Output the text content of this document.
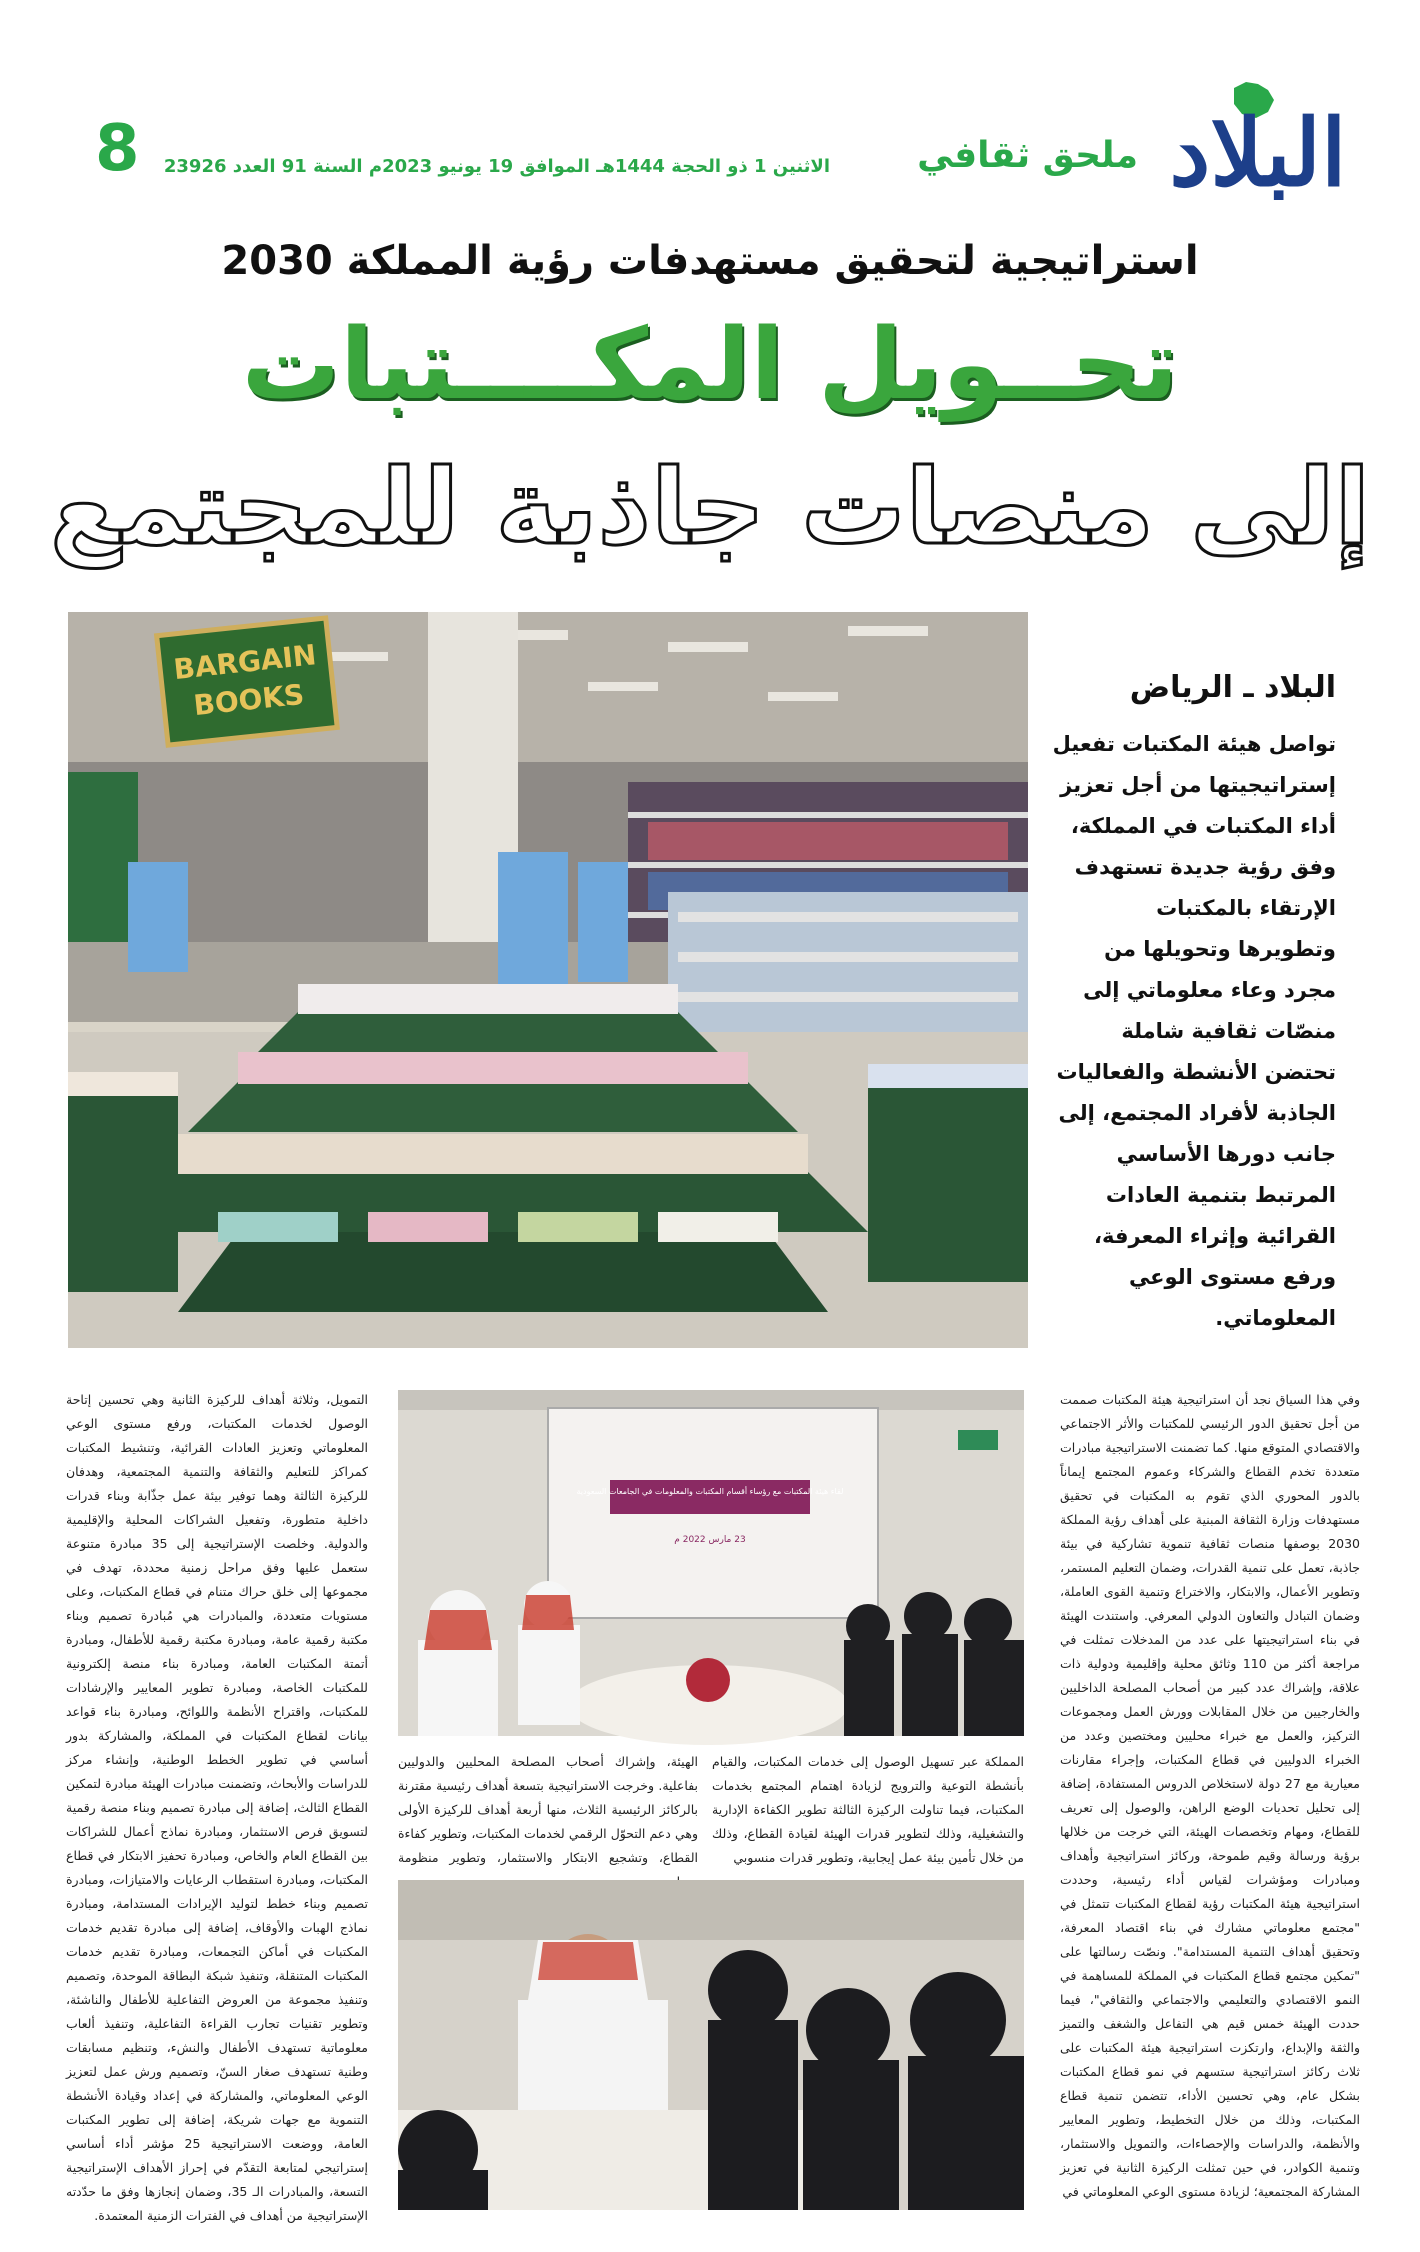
البلاد
ملحق ثقافي
الاثنين 1 ذو الحجة 1444هـ الموافق 19 يونيو 2023م السنة 91 العدد 23926
8
استراتيجية لتحقيق مستهدفات رؤية المملكة 2030
تحــويل المكــــتبات
إلى منصات جاذبة للمجتمع
BARGAIN
BOOKS	البلاد ـ الرياض
تواصل هيئة المكتبات تفعيل إستراتيجيتها من أجل تعزيز أداء المكتبات في المملكة، وفق رؤية جديدة تستهدف الإرتقاء بالمكتبات وتطويرها وتحويلها من مجرد وعاء معلوماتي إلى منصّات ثقافية شاملة تحتضن الأنشطة والفعاليات الجاذبة لأفراد المجتمع، إلى جانب دورها الأساسي المرتبط بتنمية العادات القرائية وإثراء المعرفة، ورفع مستوى الوعي المعلوماتي.

وفي هذا السياق نجد أن استراتيجية هيئة المكتبات صممت من أجل تحقيق الدور الرئيسي للمكتبات والأثر الاجتماعي والاقتصادي المتوقع منها. كما تضمنت الاستراتيجية مبادرات متعددة تخدم القطاع والشركاء وعموم المجتمع إيماناً بالدور المحوري الذي تقوم به المكتبات في تحقيق مستهدفات وزارة الثقافة المبنية على أهداف رؤية المملكة 2030 بوصفها منصات ثقافية تنموية تشاركية في بيئة جاذبة، تعمل على تنمية القدرات، وضمان التعليم المستمر، وتطوير الأعمال، والابتكار، والاختراع وتنمية القوى العاملة، وضمان التبادل والتعاون الدولي المعرفي. واستندت الهيئة في بناء استراتيجيتها على عدد من المدخلات تمثلت في مراجعة أكثر من 110 وثائق محلية وإقليمية ودولية ذات علاقة، وإشراك عدد كبير من أصحاب المصلحة الداخليين والخارجيين من خلال المقابلات وورش العمل ومجموعات التركيز، والعمل مع خبراء محليين ومختصين وعدد من الخبراء الدوليين في قطاع المكتبات، وإجراء مقارنات معيارية مع 27 دولة لاستخلاص الدروس المستفادة، إضافة إلى تحليل تحديات الوضع الراهن، والوصول إلى تعريف للقطاع، ومهام وتخصصات الهيئة، التي خرجت من خلالها برؤية ورسالة وقيم طموحة، وركائز استراتيجية وأهداف ومبادرات ومؤشرات لقياس أداء رئيسية، وحددت استراتيجية هيئة المكتبات رؤية لقطاع المكتبات تتمثل في "مجتمع معلوماتي مشارك في بناء اقتصاد المعرفة، وتحقيق أهداف التنمية المستدامة". ونصّت رسالتها على "تمكين مجتمع قطاع المكتبات في المملكة للمساهمة في النمو الاقتصادي والتعليمي والاجتماعي والثقافي"، فيما حددت الهيئة خمس قيم هي التفاعل والشغف والتميز والثقة والإبداع، وارتكزت استراتيجية هيئة المكتبات على ثلاث ركائز استراتيجية ستسهم في نمو قطاع المكتبات بشكل عام، وهي تحسين الأداء، تتضمن تنمية قطاع المكتبات، وذلك من خلال التخطيط، وتطوير المعايير والأنظمة، والدراسات والإحصاءات، والتمويل والاستثمار، وتنمية الكوادر، في حين تمثلت الركيزة الثانية في تعزيز المشاركة المجتمعية؛ لزيادة مستوى الوعي المعلوماتي في

لقاء هيئة المكتبات مع رؤساء أقسام المكتبات والمعلومات في الجامعات السعودية
23 مارس 2022 م

المملكة عبر تسهيل الوصول إلى خدمات المكتبات، والقيام بأنشطة التوعية والترويج لزيادة اهتمام المجتمع بخدمات المكتبات، فيما تناولت الركيزة الثالثة تطوير الكفاءة الإدارية والتشغيلية، وذلك لتطوير قدرات الهيئة لقيادة القطاع، وذلك من خلال تأمين بيئة عمل إيجابية، وتطوير قدرات منسوبي

الهيئة، وإشراك أصحاب المصلحة المحليين والدوليين بفاعلية. وخرجت الاستراتيجية بتسعة أهداف رئيسية مقترنة بالركائز الرئيسية الثلاث، منها أربعة أهداف للركيزة الأولى وهي دعم التحوّل الرقمي لخدمات المكتبات، وتطوير كفاءة القطاع، وتشجيع الابتكار والاستثمار، وتطوير منظومة

التمويل، وثلاثة أهداف للركيزة الثانية وهي تحسين إتاحة الوصول لخدمات المكتبات، ورفع مستوى الوعي المعلوماتي وتعزيز العادات القرائية، وتنشيط المكتبات كمراكز للتعليم والثقافة والتنمية المجتمعية، وهدفان للركيزة الثالثة وهما توفير بيئة عمل جذّابة وبناء قدرات داخلية متطورة، وتفعيل الشراكات المحلية والإقليمية والدولية. وخلصت الإستراتيجية إلى 35 مبادرة متنوعة ستعمل عليها وفق مراحل زمنية محددة، تهدف في مجموعها إلى خلق حراك متنام في قطاع المكتبات، وعلى مستويات متعددة، والمبادرات هي مُبادرة تصميم وبناء مكتبة رقمية عامة، ومبادرة مكتبة رقمية للأطفال، ومبادرة أتمتة المكتبات العامة، ومبادرة بناء منصة إلكترونية للمكتبات الخاصة، ومبادرة تطوير المعايير والإرشادات للمكتبات، واقتراح الأنظمة واللوائح، ومبادرة بناء قواعد بيانات لقطاع المكتبات في المملكة، والمشاركة بدور أساسي في تطوير الخطط الوطنية، وإنشاء مركز للدراسات والأبحاث، وتضمنت مبادرات الهيئة مبادرة لتمكين القطاع الثالث، إضافة إلى مبادرة تصميم وبناء منصة رقمية لتسويق فرص الاستثمار، ومبادرة نماذج أعمال للشراكات بين القطاع العام والخاص، ومبادرة تحفيز الابتكار في قطاع المكتبات، ومبادرة استقطاب الرعايات والامتيازات، ومبادرة تصميم وبناء خطط لتوليد الإيرادات المستدامة، ومبادرة نماذج الهبات والأوقاف، إضافة إلى مبادرة تقديم خدمات المكتبات في أماكن التجمعات، ومبادرة تقديم خدمات المكتبات المتنقلة، وتنفيذ شبكة البطاقة الموحدة، وتصميم وتنفيذ مجموعة من العروض التفاعلية للأطفال والناشئة، وتطوير تقنيات تجارب القراءة التفاعلية، وتنفيذ ألعاب معلوماتية تستهدف الأطفال والنشء، وتنظيم مسابقات وطنية تستهدف صغار السنّ، وتصميم ورش عمل لتعزيز الوعي المعلوماتي، والمشاركة في إعداد وقيادة الأنشطة التنموية مع جهات شريكة، إضافة إلى تطوير المكتبات العامة، ووضعت الاستراتيجية 25 مؤشر أداء أساسي إستراتيجي لمتابعة التقدّم في إحراز الأهداف الإستراتيجية التسعة، والمبادرات الـ 35، وضمان إنجازها وفق ما حدّدته الإستراتيجية من أهداف في الفترات الزمنية المعتمدة.
